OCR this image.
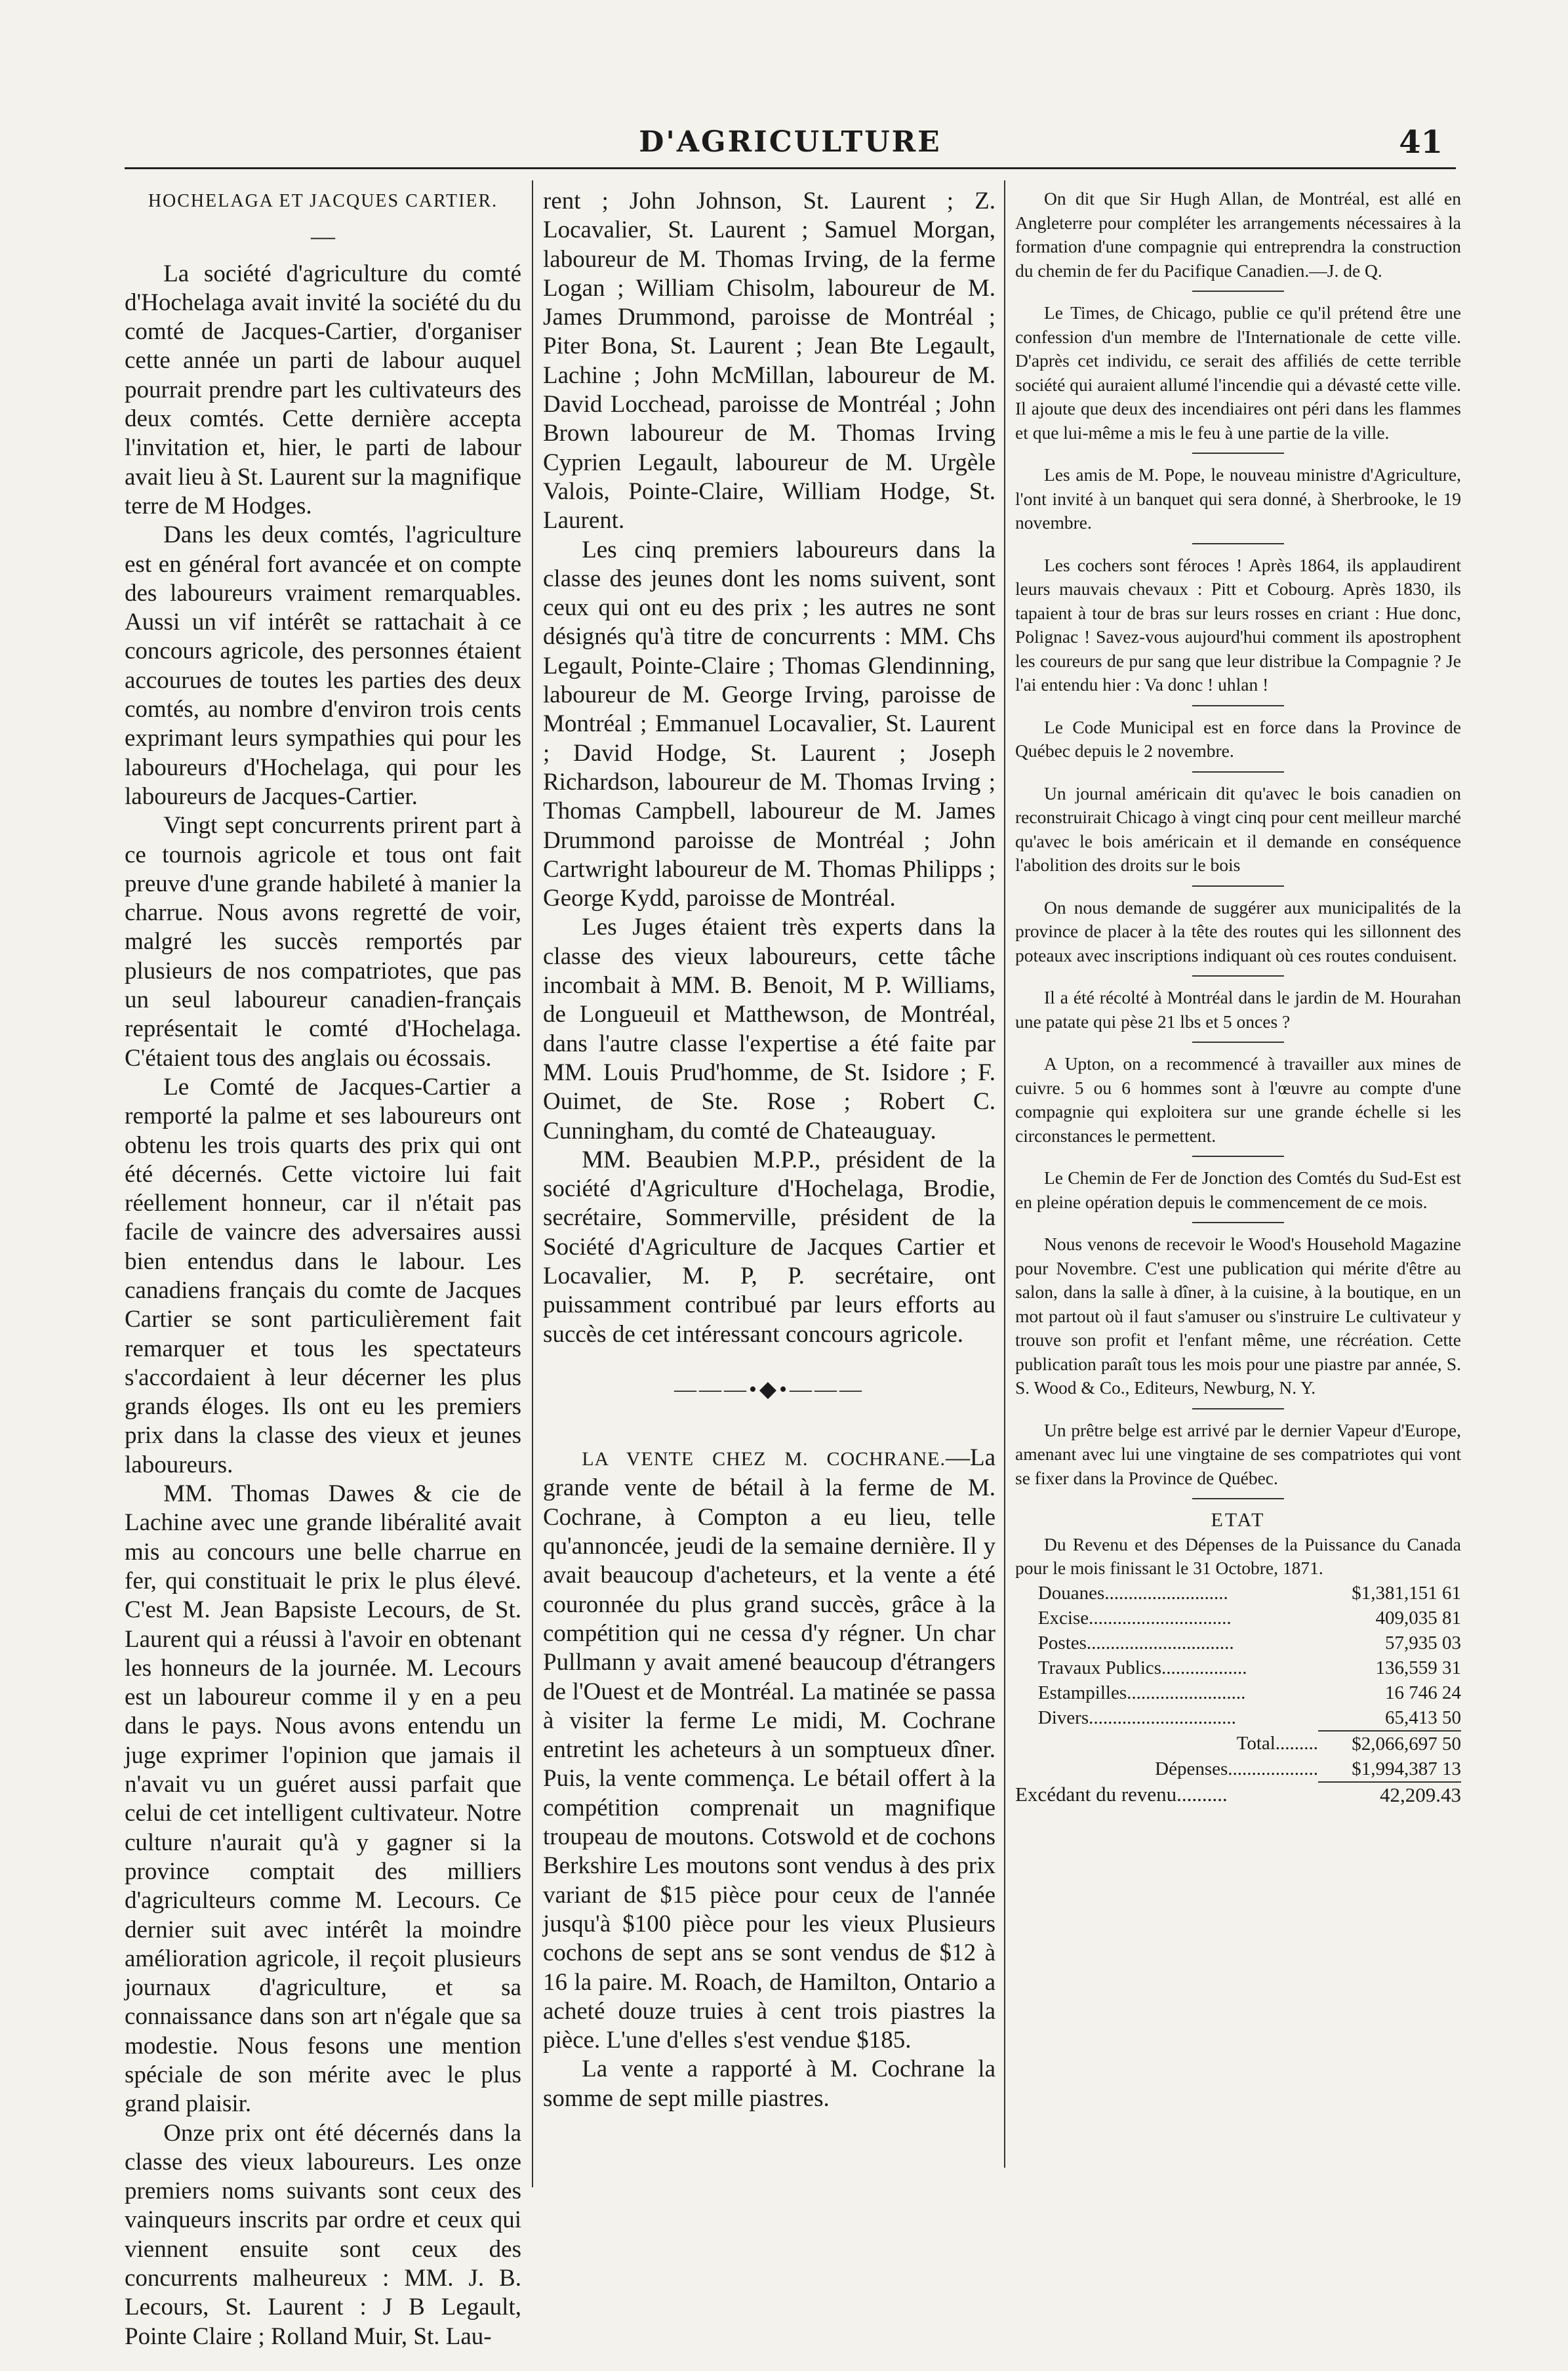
D'AGRICULTURE	41
HOCHELAGA ET JACQUES CARTIER.
—

La société d'agriculture du comté d'Hochelaga avait invité la société du du comté de Jacques-Cartier, d'organiser cette année un parti de labour auquel pourrait prendre part les cultivateurs des deux comtés. Cette dernière accepta l'invitation et, hier, le parti de labour avait lieu à St. Laurent sur la magnifique terre de M Hodges.

Dans les deux comtés, l'agriculture est en général fort avancée et on compte des laboureurs vraiment remarquables. Aussi un vif intérêt se rattachait à ce concours agricole, des personnes étaient accourues de toutes les parties des deux comtés, au nombre d'environ trois cents exprimant leurs sympathies qui pour les laboureurs d'Hochelaga, qui pour les laboureurs de Jacques-Cartier.

Vingt sept concurrents prirent part à ce tournois agricole et tous ont fait preuve d'une grande habileté à manier la charrue. Nous avons regretté de voir, malgré les succès remportés par plusieurs de nos compatriotes, que pas un seul laboureur canadien-français représentait le comté d'Hochelaga. C'étaient tous des anglais ou écossais.

Le Comté de Jacques-Cartier a remporté la palme et ses laboureurs ont obtenu les trois quarts des prix qui ont été décernés. Cette victoire lui fait réellement honneur, car il n'était pas facile de vaincre des adversaires aussi bien entendus dans le labour. Les canadiens français du comte de Jacques Cartier se sont particulièrement fait remarquer et tous les spectateurs s'accordaient à leur décerner les plus grands éloges. Ils ont eu les premiers prix dans la classe des vieux et jeunes laboureurs.

MM. Thomas Dawes & cie de Lachine avec une grande libéralité avait mis au concours une belle charrue en fer, qui constituait le prix le plus élevé. C'est M. Jean Bapsiste Lecours, de St. Laurent qui a réussi à l'avoir en obtenant les honneurs de la journée. M. Lecours est un laboureur comme il y en a peu dans le pays. Nous avons entendu un juge exprimer l'opinion que jamais il n'avait vu un guéret aussi parfait que celui de cet intelligent cultivateur. Notre culture n'aurait qu'à y gagner si la province comptait des milliers d'agriculteurs comme M. Lecours. Ce dernier suit avec intérêt la moindre amélioration agricole, il reçoit plusieurs journaux d'agriculture, et sa connaissance dans son art n'égale que sa modestie. Nous fesons une mention spéciale de son mérite avec le plus grand plaisir.

Onze prix ont été décernés dans la classe des vieux laboureurs. Les onze premiers noms suivants sont ceux des vainqueurs inscrits par ordre et ceux qui viennent ensuite sont ceux des concurrents malheureux : MM. J. B. Lecours, St. Laurent : J B Legault, Pointe Claire ; Rolland Muir, St. Lau-

rent ; John Johnson, St. Laurent ; Z. Locavalier, St. Laurent ; Samuel Morgan, laboureur de M. Thomas Irving, de la ferme Logan ; William Chisolm, laboureur de M. James Drummond, paroisse de Montréal ; Piter Bona, St. Laurent ; Jean Bte Legault, Lachine ; John McMillan, laboureur de M. David Locchead, paroisse de Montréal ; John Brown laboureur de M. Thomas Irving Cyprien Legault, laboureur de M. Urgèle Valois, Pointe-Claire, William Hodge, St. Laurent.

Les cinq premiers laboureurs dans la classe des jeunes dont les noms suivent, sont ceux qui ont eu des prix ; les autres ne sont désignés qu'à titre de concurrents : MM. Chs Legault, Pointe-Claire ; Thomas Glendinning, laboureur de M. George Irving, paroisse de Montréal ; Emmanuel Locavalier, St. Laurent ; David Hodge, St. Laurent ; Joseph Richardson, laboureur de M. Thomas Irving ; Thomas Campbell, laboureur de M. James Drummond paroisse de Montréal ; John Cartwright laboureur de M. Thomas Philipps ; George Kydd, paroisse de Montréal.

Les Juges étaient très experts dans la classe des vieux laboureurs, cette tâche incombait à MM. B. Benoit, M P. Williams, de Longueuil et Matthewson, de Montréal, dans l'autre classe l'expertise a été faite par MM. Louis Prud'homme, de St. Isidore ; F. Ouimet, de Ste. Rose ; Robert C. Cunningham, du comté de Chateauguay.

MM. Beaubien M.P.P., président de la société d'Agriculture d'Hochelaga, Brodie, secrétaire, Sommerville, président de la Société d'Agriculture de Jacques Cartier et Locavalier, M. P, P. secrétaire, ont puissamment contribué par leurs efforts au succès de cet intéressant concours agricole.

———•◆•———

LA VENTE CHEZ M. COCHRANE.—La grande vente de bétail à la ferme de M. Cochrane, à Compton a eu lieu, telle qu'annoncée, jeudi de la semaine dernière. Il y avait beaucoup d'acheteurs, et la vente a été couronnée du plus grand succès, grâce à la compétition qui ne cessa d'y régner. Un char Pullmann y avait amené beaucoup d'étrangers de l'Ouest et de Montréal. La matinée se passa à visiter la ferme Le midi, M. Cochrane entretint les acheteurs à un somptueux dîner. Puis, la vente commença. Le bétail offert à la compétition comprenait un magnifique troupeau de moutons. Cotswold et de cochons Berkshire Les moutons sont vendus à des prix variant de $15 pièce pour ceux de l'année jusqu'à $100 pièce pour les vieux Plusieurs cochons de sept ans se sont vendus de $12 à 16 la paire. M. Roach, de Hamilton, Ontario a acheté douze truies à cent trois piastres la pièce. L'une d'elles s'est vendue $185.

La vente a rapporté à M. Cochrane la somme de sept mille piastres.

On dit que Sir Hugh Allan, de Montréal, est allé en Angleterre pour compléter les arrangements nécessaires à la formation d'une compagnie qui entreprendra la construction du chemin de fer du Pacifique Canadien.—J. de Q.

Le Times, de Chicago, publie ce qu'il prétend être une confession d'un membre de l'Internationale de cette ville. D'après cet individu, ce serait des affiliés de cette terrible société qui auraient allumé l'incendie qui a dévasté cette ville. Il ajoute que deux des incendiaires ont péri dans les flammes et que lui-même a mis le feu à une partie de la ville.

Les amis de M. Pope, le nouveau ministre d'Agriculture, l'ont invité à un banquet qui sera donné, à Sherbrooke, le 19 novembre.

Les cochers sont féroces ! Après 1864, ils applaudirent leurs mauvais chevaux : Pitt et Cobourg. Après 1830, ils tapaient à tour de bras sur leurs rosses en criant : Hue donc, Polignac ! Savez-vous aujourd'hui comment ils apostrophent les coureurs de pur sang que leur distribue la Compagnie ? Je l'ai entendu hier : Va donc ! uhlan !

Le Code Municipal est en force dans la Province de Québec depuis le 2 novembre.

Un journal américain dit qu'avec le bois canadien on reconstruirait Chicago à vingt cinq pour cent meilleur marché qu'avec le bois américain et il demande en conséquence l'abolition des droits sur le bois

On nous demande de suggérer aux municipalités de la province de placer à la tête des routes qui les sillonnent des poteaux avec inscriptions indiquant où ces routes conduisent.

Il a été récolté à Montréal dans le jardin de M. Hourahan une patate qui pèse 21 lbs et 5 onces ?

A Upton, on a recommencé à travailler aux mines de cuivre. 5 ou 6 hommes sont à l'œuvre au compte d'une compagnie qui exploitera sur une grande échelle si les circonstances le permettent.

Le Chemin de Fer de Jonction des Comtés du Sud-Est est en pleine opération depuis le commencement de ce mois.

Nous venons de recevoir le Wood's Household Magazine pour Novembre. C'est une publication qui mérite d'être au salon, dans la salle à dîner, à la cuisine, à la boutique, en un mot partout où il faut s'amuser ou s'instruire Le cultivateur y trouve son profit et l'enfant même, une récréation. Cette publication paraît tous les mois pour une piastre par année, S. S. Wood & Co., Editeurs, Newburg, N. Y.

Un prêtre belge est arrivé par le dernier Vapeur d'Europe, amenant avec lui une vingtaine de ses compatriotes qui vont se fixer dans la Province de Québec.

ETAT

Du Revenu et des Dépenses de la Puissance du Canada pour le mois finissant le 31 Octobre, 1871.

Douanes..........................	$1,381,151 61
Excise..............................	409,035 81
Postes...............................	57,935 03
Travaux Publics..................	136,559 31
Estampilles.........................	16 746 24
Divers...............................	65,413 50
Total.........	$2,066,697 50
Dépenses...................	$1,994,387 13
Excédant du revenu..........	42,209.43
